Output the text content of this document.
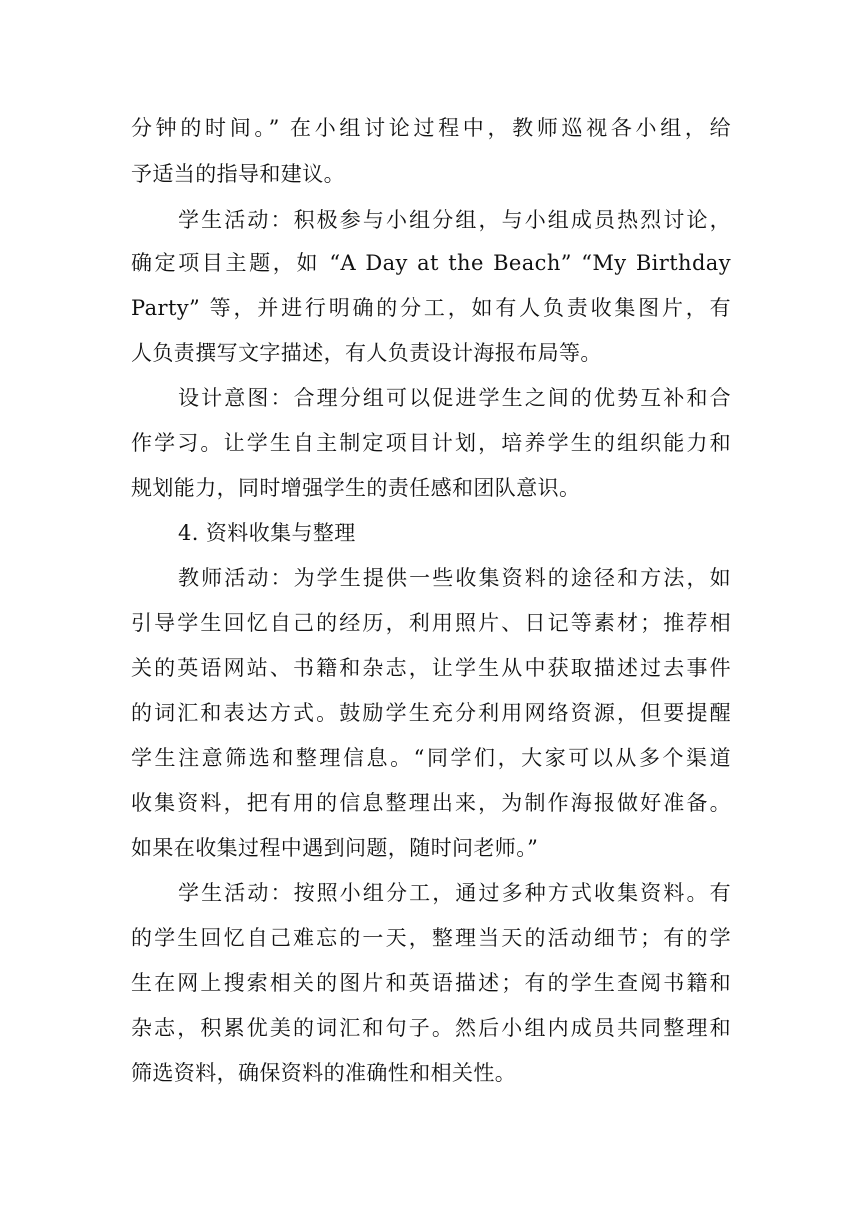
分钟的时间。” 在小组讨论过程中，教师巡视各小组，给
予适当的指导和建议。
学生活动：积极参与小组分组，与小组成员热烈讨论，
确定项目主题，如 “A Day at the Beach” “My Birthday
Party” 等，并进行明确的分工，如有人负责收集图片，有
人负责撰写文字描述，有人负责设计海报布局等。
设计意图：合理分组可以促进学生之间的优势互补和合
作学习。让学生自主制定项目计划，培养学生的组织能力和
规划能力，同时增强学生的责任感和团队意识。
4. 资料收集与整理
教师活动：为学生提供一些收集资料的途径和方法，如
引导学生回忆自己的经历，利用照片、日记等素材；推荐相
关的英语网站、书籍和杂志，让学生从中获取描述过去事件
的词汇和表达方式。鼓励学生充分利用网络资源，但要提醒
学生注意筛选和整理信息。“同学们，大家可以从多个渠道
收集资料，把有用的信息整理出来，为制作海报做好准备。
如果在收集过程中遇到问题，随时问老师。”
学生活动：按照小组分工，通过多种方式收集资料。有
的学生回忆自己难忘的一天，整理当天的活动细节；有的学
生在网上搜索相关的图片和英语描述；有的学生查阅书籍和
杂志，积累优美的词汇和句子。然后小组内成员共同整理和
筛选资料，确保资料的准确性和相关性。
